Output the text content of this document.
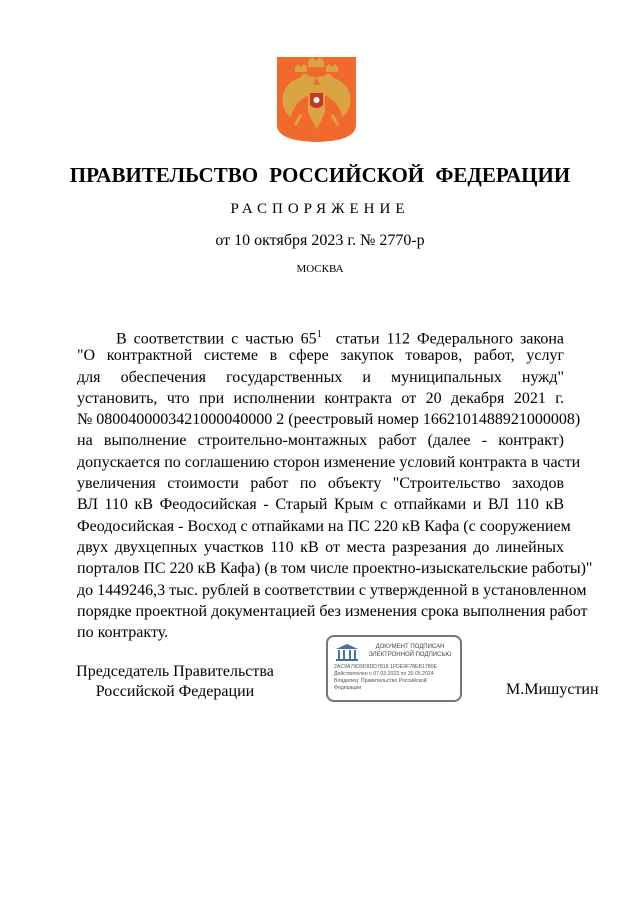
ПРАВИТЕЛЬСТВО РОССИЙСКОЙ ФЕДЕРАЦИИ
РАСПОРЯЖЕНИЕ
от 10 октября 2023 г. № 2770-р
МОСКВА
В соответствии с частью $65^1$ статьи 112 Федерального закона
"О контрактной системе в сфере закупок товаров, работ, услуг
для обеспечения государственных и муниципальных нужд"
установить, что при исполнении контракта от 20 декабря 2021 г.
№ 0800400003421000040000 2 (реестровый номер 1662101488921000008)
на выполнение строительно-монтажных работ (далее - контракт)
допускается по соглашению сторон изменение условий контракта в части
увеличения стоимости работ по объекту "Строительство заходов
ВЛ 110 кВ Феодосийская - Старый Крым с отпайками и ВЛ 110 кВ
Феодосийская - Восход с отпайками на ПС 220 кВ Кафа (с сооружением
двух двухцепных участков 110 кВ от места разрезания до линейных
порталов ПС 220 кВ Кафа) (в том числе проектно-изыскательские работы)"
до 1449246,3 тыс. рублей в соответствии с утвержденной в установленном
порядке проектной документацией без изменения срока выполнения работ
по контракту.
Председатель Правительства
Российской Федерации
ДОКУМЕНТ ПОДПИСАН
ЭЛЕКТРОННОЙ ПОДПИСЬЮ
2AC9A79D9D9DD7818 1FDE9F78EB1780E
Действителен с 07.03.2023 по 30.05.2024
Владелец: Правительство Российской
Федерации	М.Мишустин
